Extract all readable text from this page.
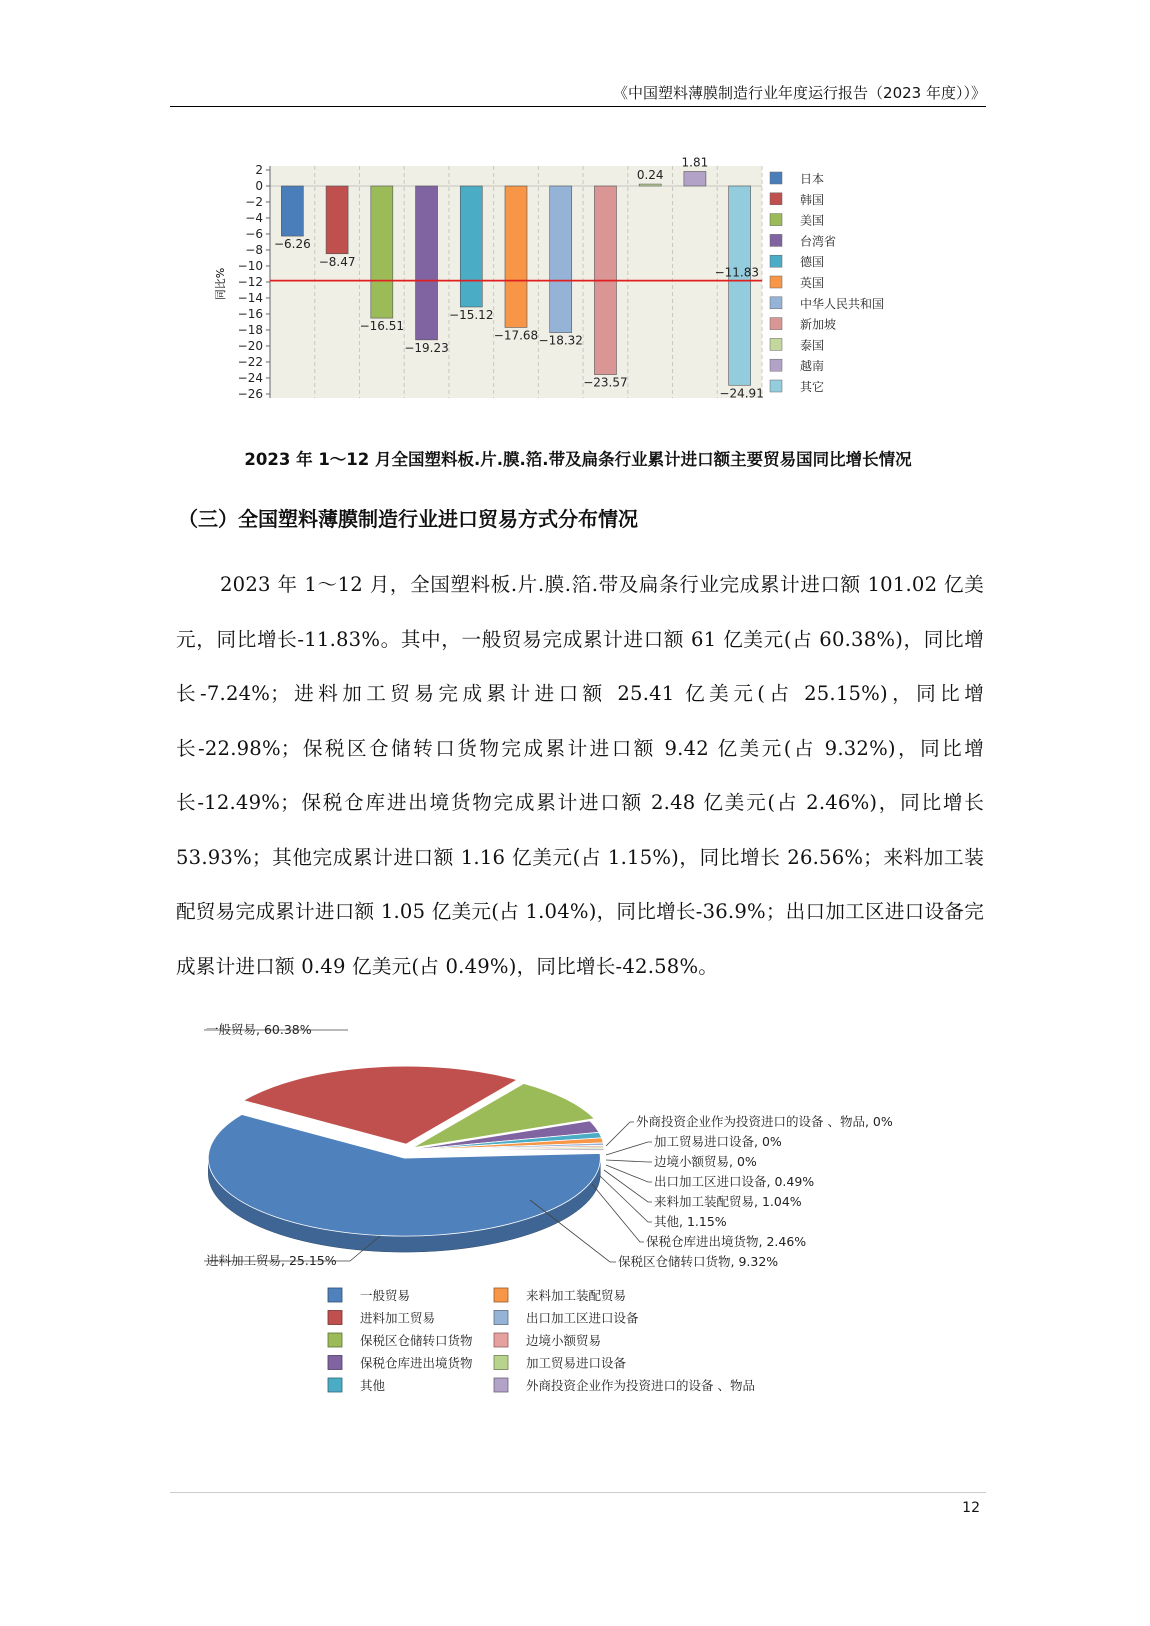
《中国塑料薄膜制造行业年度运行报告（2023 年度））》
2
0
−2
−4
−6
−8
−10
−12
−14
−16
−18
−20
−22
−24
−26
−6.26
−8.47
−16.51
−19.23
−15.12
−17.68 −18.32
−23.57
0.24
1.81
−24.91
−11.83
日本
韩国
美国
台湾省
德国
英国
中华人民共和国
新加坡
泰国
越南
其它
同比%
2023 年 1～12 月全国塑料板.片.膜.箔.带及扁条行业累计进口额主要贸易国同比增长情况
（三）全国塑料薄膜制造行业进口贸易方式分布情况

2023 年 1～12 月，全国塑料板.片.膜.箔.带及扁条行业完成累计进口额 101.02 亿美元，同比增长-11.83%。其中，一般贸易完成累计进口额 61 亿美元(占 60.38%)，同比增长-7.24%；进料加工贸易完成累计进口额 25.41 亿美元(占 25.15%)，同比增长-22.98%；保税区仓储转口货物完成累计进口额 9.42 亿美元(占 9.32%)，同比增长-12.49%；保税仓库进出境货物完成累计进口额 2.48 亿美元(占 2.46%)，同比增长 53.93%；其他完成累计进口额 1.16 亿美元(占 1.15%)，同比增长 26.56%；来料加工装配贸易完成累计进口额 1.05 亿美元(占 1.04%)，同比增长-36.9%；出口加工区进口设备完成累计进口额 0.49 亿美元(占 0.49%)，同比增长-42.58%。

一般贸易, 60.38%
进料加工贸易, 25.15%	保税区仓储转口货物, 9.32%
保税仓库进出境货物, 2.46%
其他, 1.15%
来料加工装配贸易, 1.04%
出口加工区进口设备, 0.49%
边境小额贸易, 0%
加工贸易进口设备, 0%
外商投资企业作为投资进口的设备 、物品, 0%
一般贸易
进料加工贸易
保税区仓储转口货物
保税仓库进出境货物
其他
来料加工装配贸易
出口加工区进口设备
边境小额贸易
加工贸易进口设备
外商投资企业作为投资进口的设备 、物品
12
